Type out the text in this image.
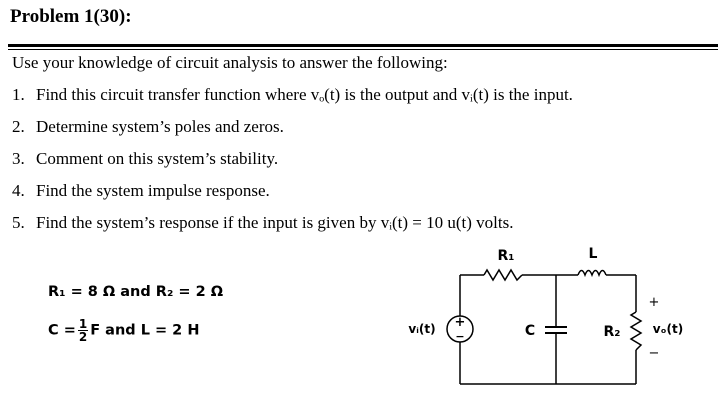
Problem 1(30):
Use your knowledge of circuit analysis to answer the following:
1. Find this circuit transfer function where vₒ(t) is the output and vᵢ(t) is the input.
2. Determine system’s poles and zeros.
3. Comment on this system’s stability.
4. Find the system impulse response.
5. Find the system’s response if the input is given by vᵢ(t) = 10 u(t) volts.
R₁ = 8 Ω and R₂ = 2 Ω
$C = \frac{1}{2}$ F and L = 2 H	+
−
R₁	L
C	R₂
vᵢ(t)	vₒ(t)
+
−
